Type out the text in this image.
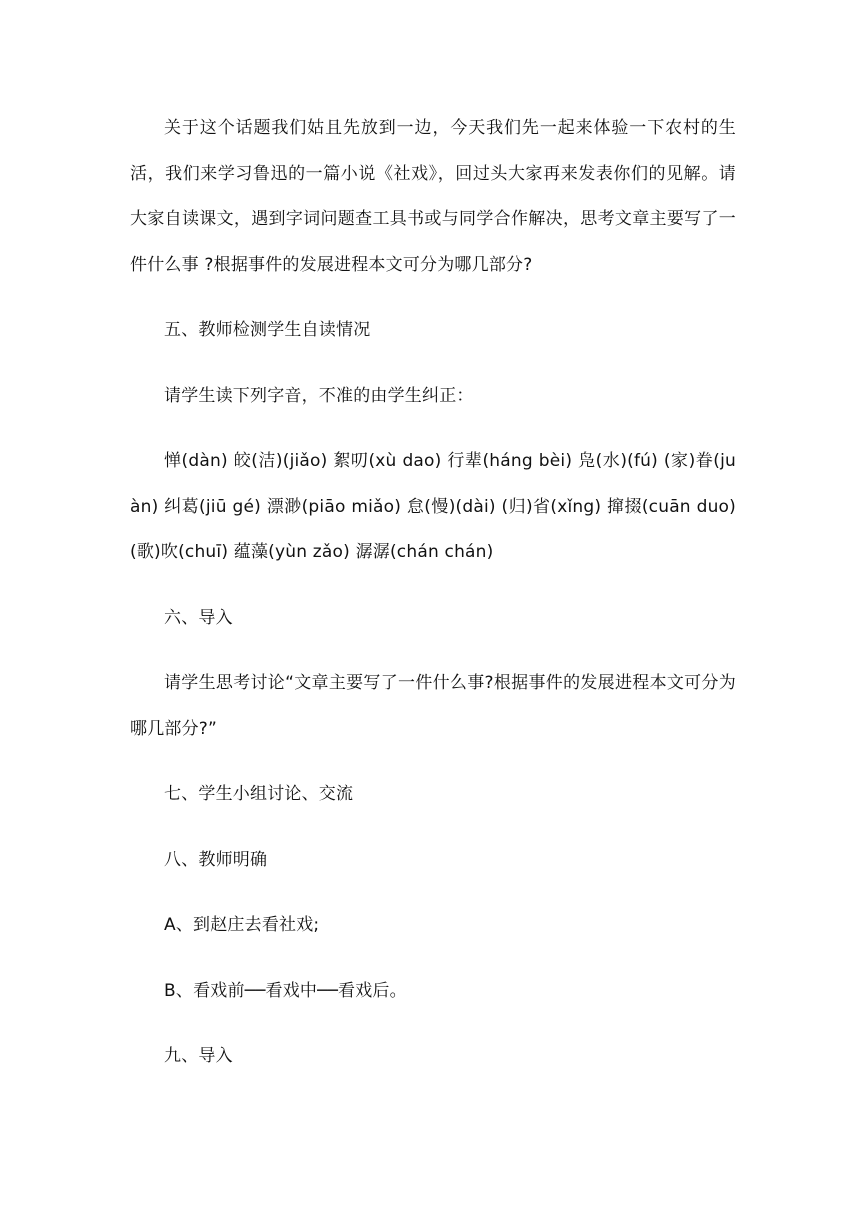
关于这个话题我们姑且先放到一边，今天我们先一起来体验一下农村的生活，我们来学习鲁迅的一篇小说《社戏》，回过头大家再来发表你们的见解。请大家自读课文，遇到字词问题查工具书或与同学合作解决，思考文章主要写了一件什么事 ?根据事件的发展进程本文可分为哪几部分?

五、教师检测学生自读情况

请学生读下列字音，不准的由学生纠正：

惮(dàn) 皎(洁)(jiǎo) 絮叨(xù dao) 行辈(háng bèi) 凫(水)(fú) (家)眷(juàn) 纠葛(jiū gé) 漂渺(piāo miǎo) 怠(慢)(dài) (归)省(xǐng) 撺掇(cuān duo) (歌)吹(chuī) 蕴藻(yùn zǎo) 潺潺(chán chán)

六、导入

请学生思考讨论“文章主要写了一件什么事?根据事件的发展进程本文可分为哪几部分?”

七、学生小组讨论、交流

八、教师明确

A、到赵庄去看社戏;

B、看戏前──看戏中──看戏后。

九、导入
